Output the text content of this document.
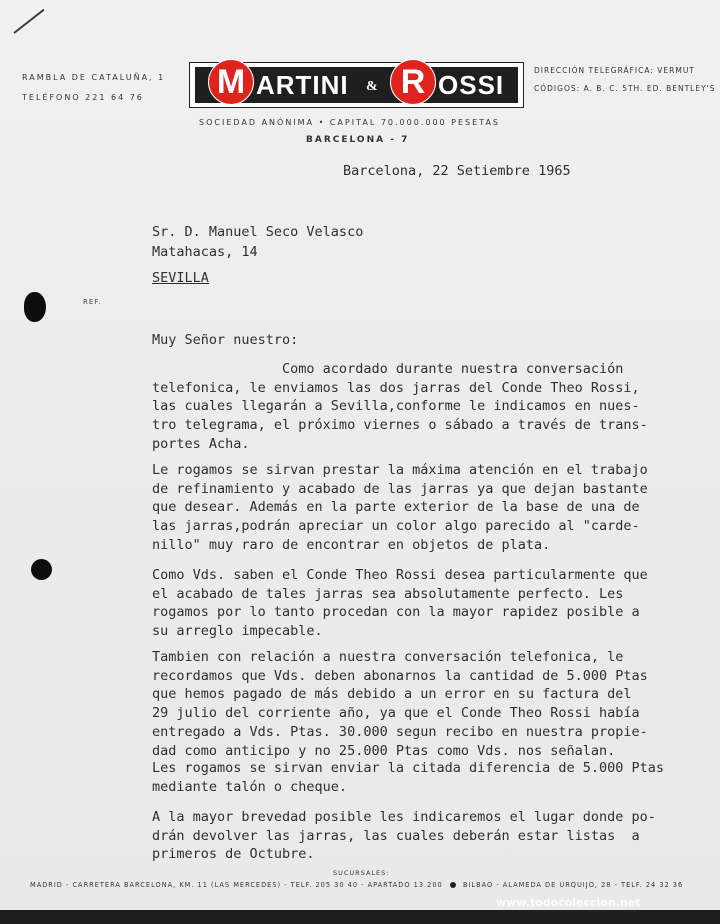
RAMBLA DE CATALUÑA, 1
TELÉFONO 221 64 76	M ARTINI & R OSSI	DIRECCIÓN TELEGRÁFICA: VERMUT
CÓDIGOS: A. B. C. 5TH. ED. BENTLEY'S
SOCIEDAD ANÓNIMA • CAPITAL 70.000.000 PESETAS
BARCELONA - 7
Barcelona, 22 Setiembre 1965
Sr. D. Manuel Seco Velasco
Matahacas, 14
SEVILLA
REF.
Muy Señor nuestro:
Como acordado durante nuestra conversación
telefonica, le enviamos las dos jarras del Conde Theo Rossi,
las cuales llegarán a Sevilla,conforme le indicamos en nues-
tro telegrama, el próximo viernes o sábado a través de trans-
portes Acha.
Le rogamos se sirvan prestar la máxima atención en el trabajo
de refinamiento y acabado de las jarras ya que dejan bastante
que desear. Además en la parte exterior de la base de una de
las jarras,podrán apreciar un color algo parecido al "carde-
nillo" muy raro de encontrar en objetos de plata.
Como Vds. saben el Conde Theo Rossi desea particularmente que
el acabado de tales jarras sea absolutamente perfecto. Les
rogamos por lo tanto procedan con la mayor rapidez posible a
su arreglo impecable.
Tambien con relación a nuestra conversación telefonica, le
recordamos que Vds. deben abonarnos la cantidad de 5.000 Ptas
que hemos pagado de más debido a un error en su factura del
29 julio del corriente año, ya que el Conde Theo Rossi había
entregado a Vds. Ptas. 30.000 segun recibo en nuestra propie-
dad como anticipo y no 25.000 Ptas como Vds. nos señalan.
Les rogamos se sirvan enviar la citada diferencia de 5.000 Ptas
mediante talón o cheque.
A la mayor brevedad posible les indicaremos el lugar donde po-
drán devolver las jarras, las cuales deberán estar listas  a
primeros de Octubre.
SUCURSALES:
MADRID - CARRETERA BARCELONA, KM. 11 (LAS MERCEDES) - TELF. 205 30 40 - APARTADO 13.200	BILBAO - ALAMEDA DE URQUIJO, 28 - TELF. 24 32 36
www.todocoleccion.net
